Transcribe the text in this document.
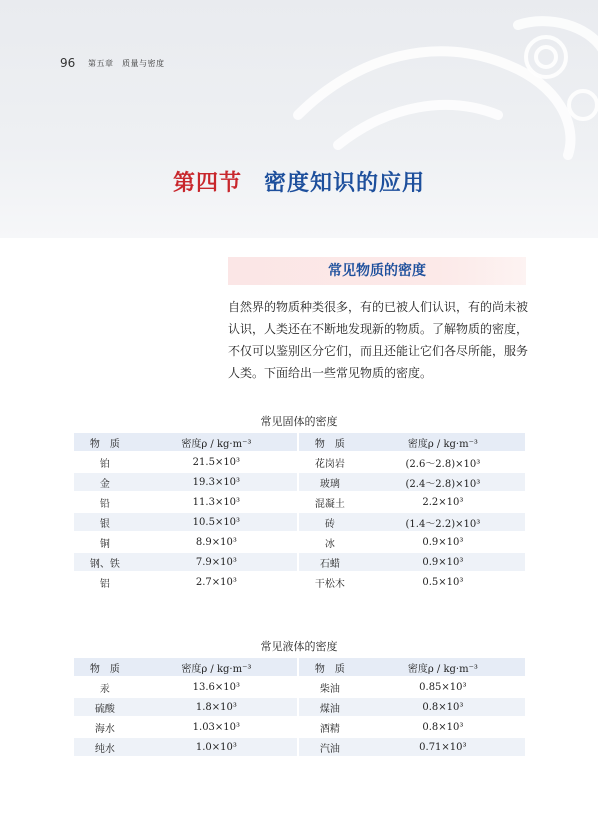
96 第五章　质量与密度
第四节 密度知识的应用
常见物质的密度
自然界的物质种类很多，有的已被人们认识，有的尚未被认识，人类还在不断地发现新的物质。了解物质的密度，不仅可以鉴别区分它们，而且还能让它们各尽所能，服务人类。下面给出一些常见物质的密度。
常见固体的密度
物　质	密度ρ / kg·m⁻³	物　质	密度ρ / kg·m⁻³
铂	21.5×10³	花岗岩	(2.6～2.8)×10³
金	19.3×10³	玻璃	(2.4～2.8)×10³
铅	11.3×10³	混凝土	2.2×10³
银	10.5×10³	砖	(1.4～2.2)×10³
铜	8.9×10³	冰	0.9×10³
钢、铁	7.9×10³	石蜡	0.9×10³
铝	2.7×10³	干松木	0.5×10³
常见液体的密度
物　质	密度ρ / kg·m⁻³	物　质	密度ρ / kg·m⁻³
汞	13.6×10³	柴油	0.85×10³
硫酸	1.8×10³	煤油	0.8×10³
海水	1.03×10³	酒精	0.8×10³
纯水	1.0×10³	汽油	0.71×10³
